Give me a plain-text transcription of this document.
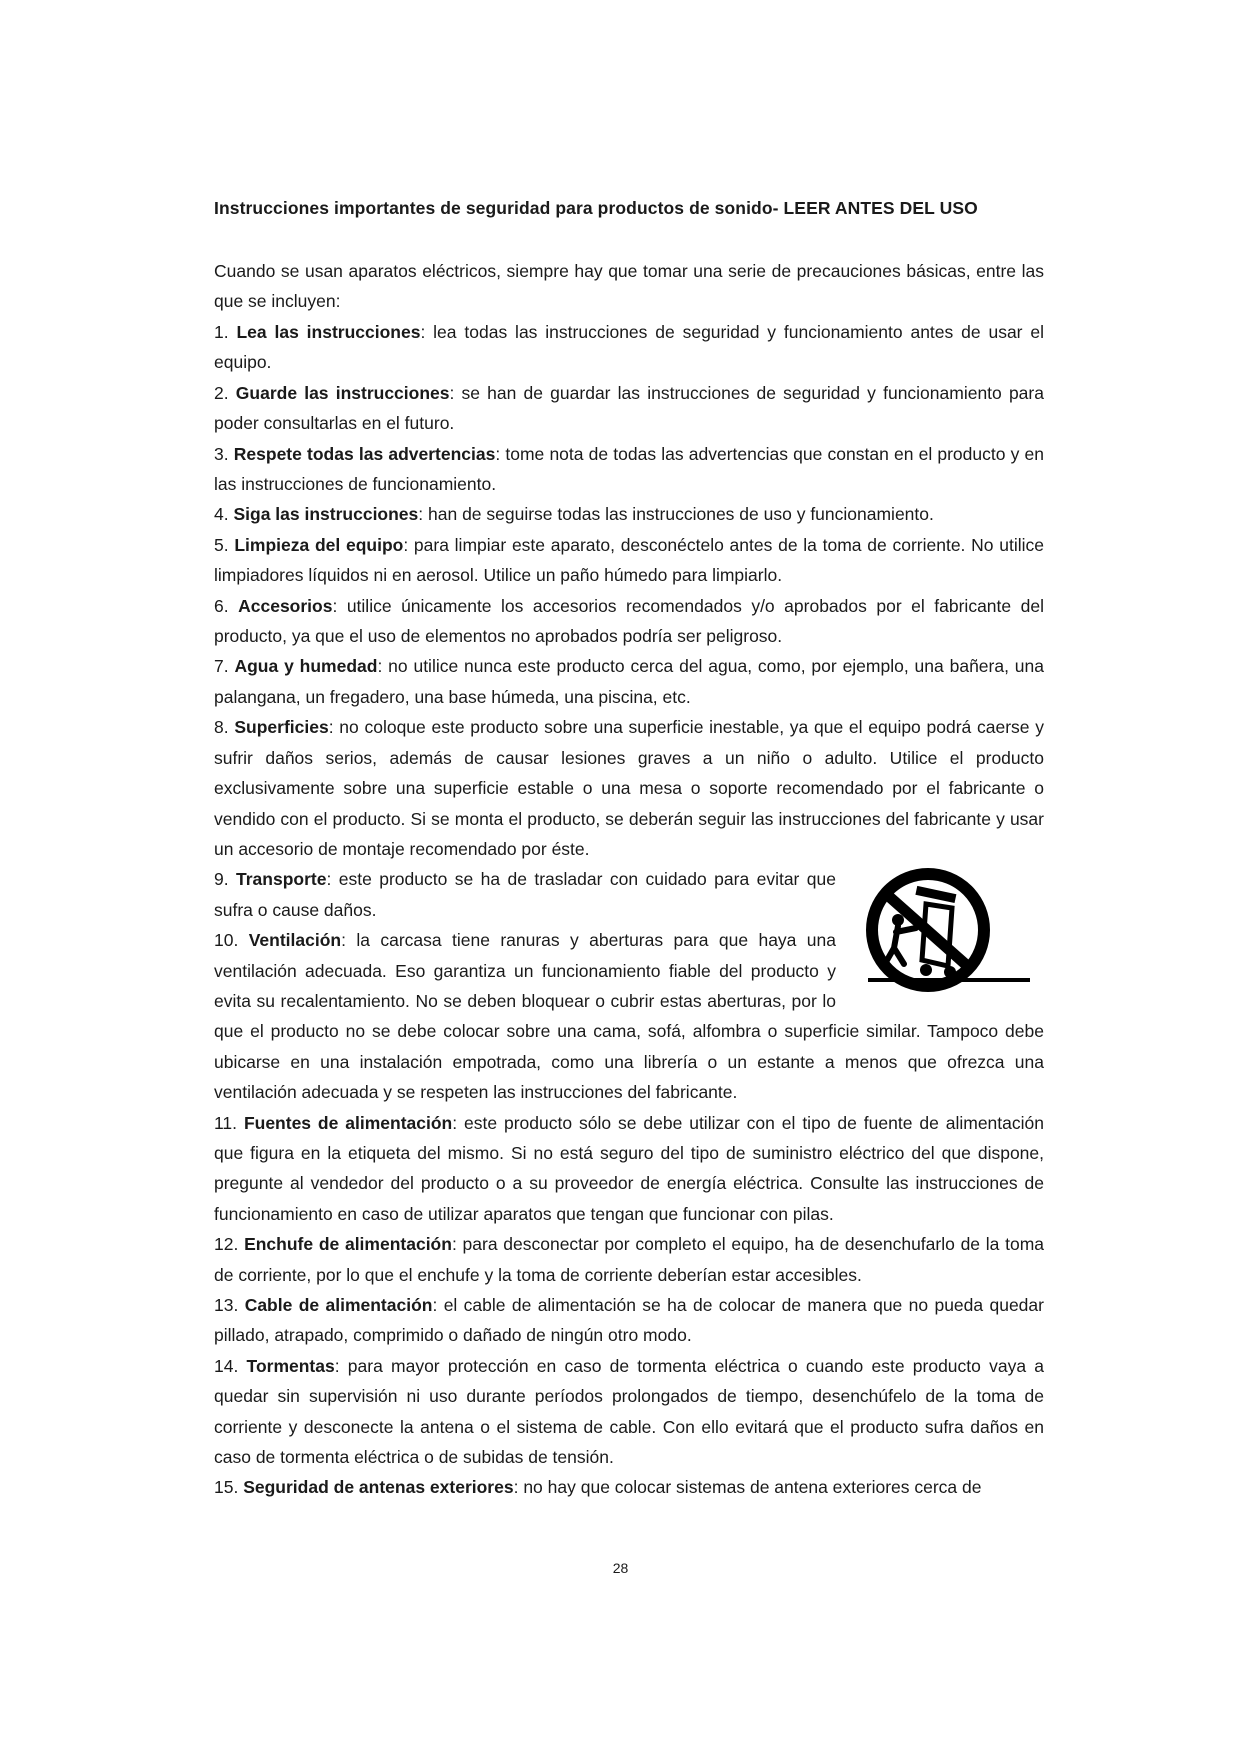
Instrucciones importantes de seguridad para productos de sonido- LEER ANTES DEL USO
Cuando se usan aparatos eléctricos, siempre hay que tomar una serie de precauciones básicas, entre las que se incluyen:

1. Lea las instrucciones: lea todas las instrucciones de seguridad y funcionamiento antes de usar el equipo.

2. Guarde las instrucciones: se han de guardar las instrucciones de seguridad y funcionamiento para poder consultarlas en el futuro.

3. Respete todas las advertencias: tome nota de todas las advertencias que constan en el producto y en las instrucciones de funcionamiento.

4. Siga las instrucciones: han de seguirse todas las instrucciones de uso y funcionamiento.

5. Limpieza del equipo: para limpiar este aparato, desconéctelo antes de la toma de corriente. No utilice limpiadores líquidos ni en aerosol. Utilice un paño húmedo para limpiarlo.

6. Accesorios: utilice únicamente los accesorios recomendados y/o aprobados por el fabricante del producto, ya que el uso de elementos no aprobados podría ser peligroso.

7. Agua y humedad: no utilice nunca este producto cerca del agua, como, por ejemplo, una bañera, una palangana, un fregadero, una base húmeda, una piscina, etc.

8. Superficies: no coloque este producto sobre una superficie inestable, ya que el equipo podrá caerse y sufrir daños serios, además de causar lesiones graves a un niño o adulto. Utilice el producto exclusivamente sobre una superficie estable o una mesa o soporte recomendado por el fabricante o vendido con el producto. Si se monta el producto, se deberán seguir las instrucciones del fabricante y usar un accesorio de montaje recomendado por éste.

9. Transporte: este producto se ha de trasladar con cuidado para evitar que sufra o cause daños.

10. Ventilación: la carcasa tiene ranuras y aberturas para que haya una ventilación adecuada. Eso garantiza un funcionamiento fiable del producto y evita su recalentamiento. No se deben bloquear o cubrir estas aberturas, por lo que el producto no se debe colocar sobre una cama, sofá, alfombra o superficie similar. Tampoco debe ubicarse en una instalación empotrada, como una librería o un estante a menos que ofrezca una ventilación adecuada y se respeten las instrucciones del fabricante.

11. Fuentes de alimentación: este producto sólo se debe utilizar con el tipo de fuente de alimentación que figura en la etiqueta del mismo. Si no está seguro del tipo de suministro eléctrico del que dispone, pregunte al vendedor del producto o a su proveedor de energía eléctrica. Consulte las instrucciones de funcionamiento en caso de utilizar aparatos que tengan que funcionar con pilas.

12. Enchufe de alimentación: para desconectar por completo el equipo, ha de desenchufarlo de la toma de corriente, por lo que el enchufe y la toma de corriente deberían estar accesibles.

13. Cable de alimentación: el cable de alimentación se ha de colocar de manera que no pueda quedar pillado, atrapado, comprimido o dañado de ningún otro modo.

14. Tormentas: para mayor protección en caso de tormenta eléctrica o cuando este producto vaya a quedar sin supervisión ni uso durante períodos prolongados de tiempo, desenchúfelo de la toma de corriente y desconecte la antena o el sistema de cable. Con ello evitará que el producto sufra daños en caso de tormenta eléctrica o de subidas de tensión.

15. Seguridad de antenas exteriores: no hay que colocar sistemas de antena exteriores cerca de

28
